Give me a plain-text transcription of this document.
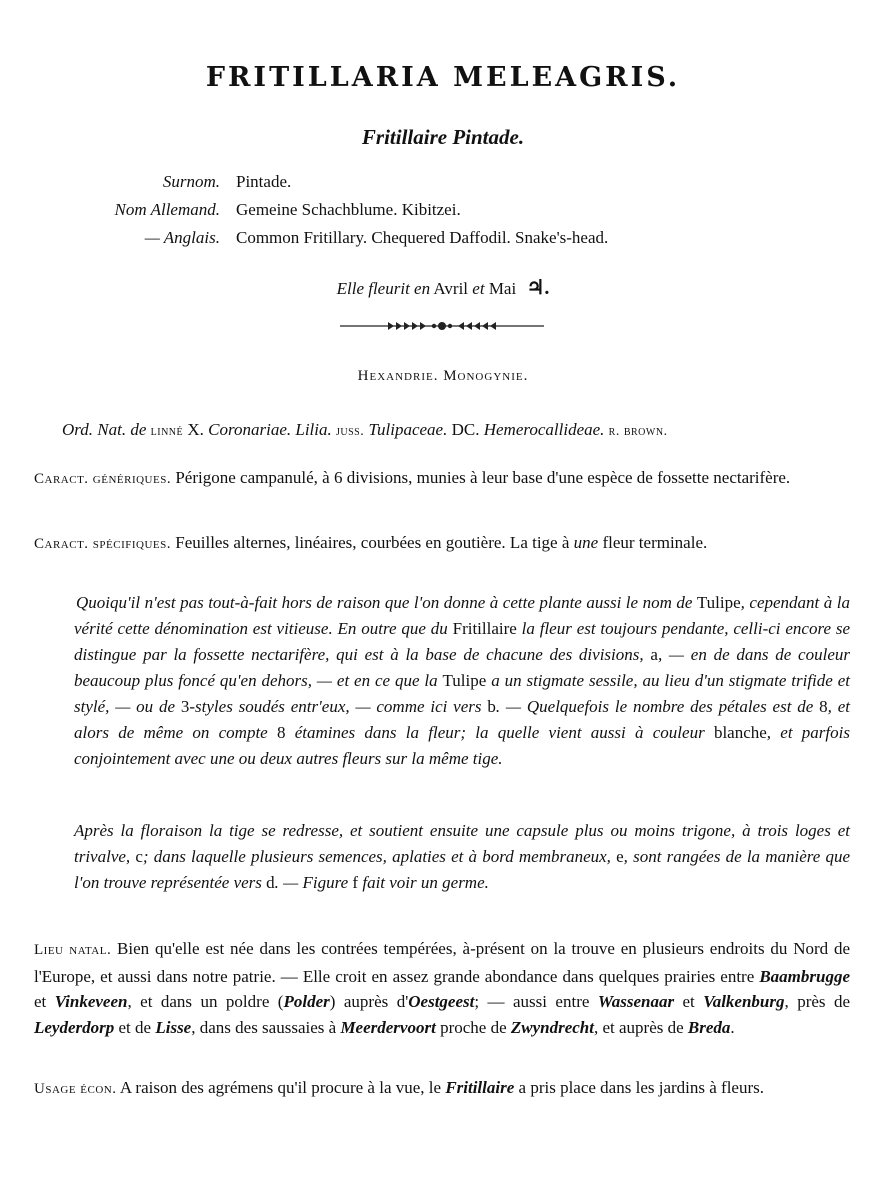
FRITILLARIA MELEAGRIS.
Fritillaire Pintade.
Surnom. Pintade.
Nom Allemand. Gemeine Schachblume. Kibitzei.
— Anglais. Common Fritillary. Chequered Daffodil. Snake's-head.
Elle fleurit en Avril et Mai ♃.
Hexandrie. Monogynie.
Ord. Nat. de linné X. Coronariae. Lilia. juss. Tulipaceae. DC. Hemerocallideae. r. brown.
Caract. génériques. Périgone campanulé, à 6 divisions, munies à leur base d'une espèce de fossette nectarifère.
Caract. spécifiques. Feuilles alternes, linéaires, courbées en goutière. La tige à une fleur terminale.
Quoiqu'il n'est pas tout-à-fait hors de raison que l'on donne à cette plante aussi le nom de Tulipe, cependant à la vérité cette dénomination est vitieuse. En outre que du Fritillaire la fleur est toujours pendante, celli-ci encore se distingue par la fossette nectarifère, qui est à la base de chacune des divisions, a, — en de dans de couleur beaucoup plus foncé qu'en dehors, — et en ce que la Tulipe a un stigmate sessile, au lieu d'un stigmate trifide et stylé, — ou de 3-styles soudés entr'eux, — comme ici vers b. — Quelquefois le nombre des pétales est de 8, et alors de même on compte 8 étamines dans la fleur; la quelle vient aussi à couleur blanche, et parfois conjointement avec une ou deux autres fleurs sur la même tige.
Après la floraison la tige se redresse, et soutient ensuite une capsule plus ou moins trigone, à trois loges et trivalve, c; dans laquelle plusieurs semences, aplaties et à bord membraneux, e, sont rangées de la manière que l'on trouve représentée vers d. — Figure f fait voir un germe.
Lieu natal. Bien qu'elle est née dans les contrées tempérées, à-présent on la trouve en plusieurs endroits du Nord de l'Europe, et aussi dans notre patrie. — Elle croit en assez grande abondance dans quelques prairies entre Baambrugge et Vinkeveen, et dans un poldre (Polder) auprès d'Oestgeest; — aussi entre Wassenaar et Valkenburg, près de Leyderdorp et de Lisse, dans des saussaies à Meerdervoort proche de Zwyndrecht, et auprès de Breda.
Usage écon. A raison des agrémens qu'il procure à la vue, le Fritillaire a pris place dans les jardins à fleurs.
